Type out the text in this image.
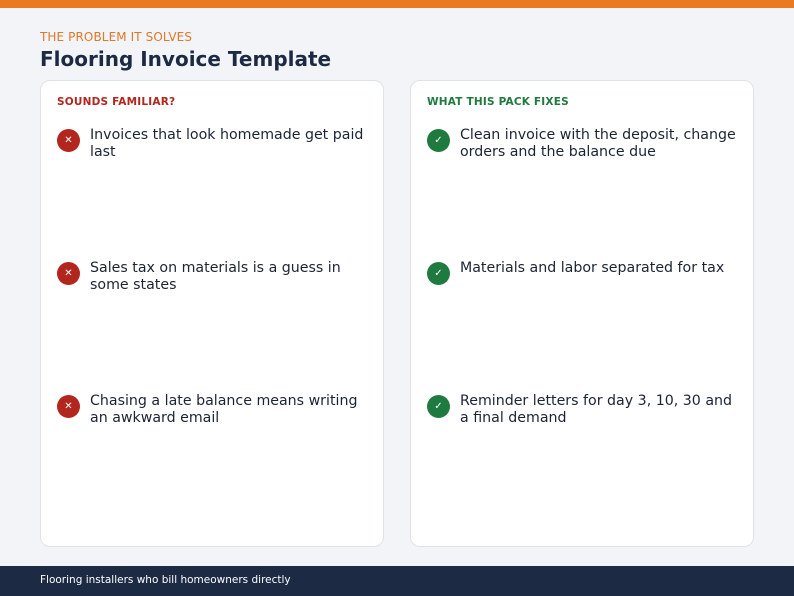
THE PROBLEM IT SOLVES
Flooring Invoice Template
SOUNDS FAMILIAR?
✕	Invoices that look homemade get paid last
✕	Sales tax on materials is a guess in some states
✕	Chasing a late balance means writing an awkward email
WHAT THIS PACK FIXES
✓	Clean invoice with the deposit, change orders and the balance due
✓	Materials and labor separated for tax
✓	Reminder letters for day 3, 10, 30 and a final demand
Flooring installers who bill homeowners directly
